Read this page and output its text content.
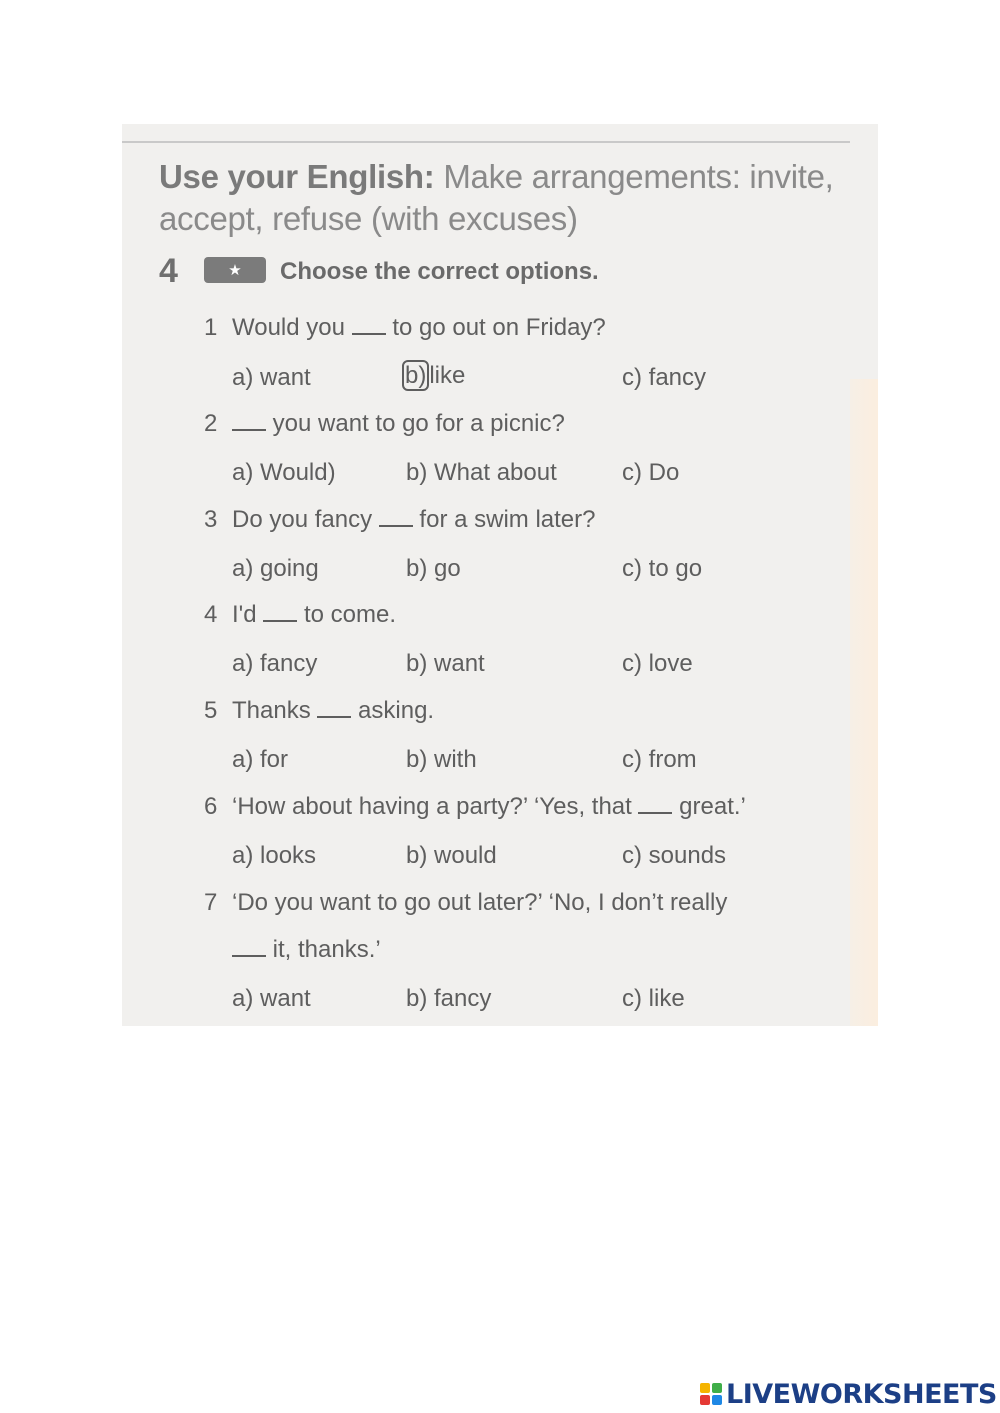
Use your English: Make arrangements: invite, accept, refuse (with excuses)
4	★	Choose the correct options.
1 Would you to go out on Friday?
a) want	b) like	c) fancy
2 you want to go for a picnic?
a) Would)	b) What about	c) Do
3 Do you fancy for a swim later?
a) going	b) go	c) to go
4 I'd to come.
a) fancy	b) want	c) love
5 Thanks asking.
a) for	b) with	c) from
6 ‘How about having a party?’ ‘Yes, that great.’
a) looks	b) would	c) sounds
7 ‘Do you want to go out later?’ ‘No, I don’t really
it, thanks.’
a) want	b) fancy	c) like
LIVEWORKSHEETS
